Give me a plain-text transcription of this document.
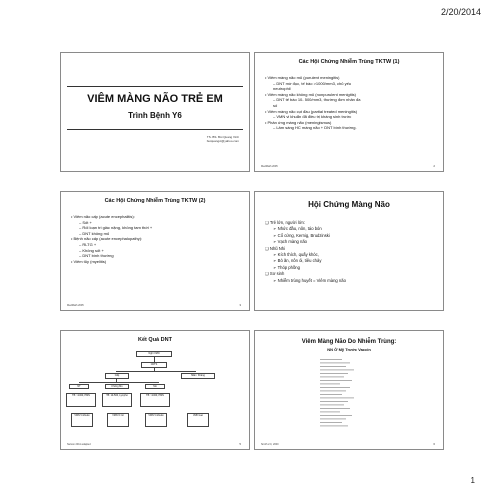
2/20/2014
VIÊM MÀNG NÃO TRẺ EM
Trình Bệnh Y6
TS. BS. Bùi Quang Vinh
buiquangvi@yahoo.com
Các Hội Chứng Nhiễm Trùng TKTW (1)
• Viêm màng não mủ (purulent meningitis)
– DNT mờ đục, tế bào >1000/mm3, chủ yếu
neutrophil
• Viêm màng não không mủ (nonpurulent menigitis)
– DNT tế bào 10- 500/mm3, thường đơn nhân đa
số
• Viêm màng não cụt đầu (partial treated meningitis)
– VMN vi khuẩn đã điều trị kháng sinh trước
• Phản ứng màng não (meningismus)
– Lâm sàng HC màng não + DNT bình thường.
MedMath 2005	2
Các Hội Chứng Nhiễm Trùng TKTW (2)
• Viêm não cấp (acute encephalitis):
– Sốt +
– Rối loạn tri giác nặng, không tam thời +
– DNT không mủ
• Bệnh não cấp (acute encephalopathy):
– RLTG +
– Không sốt +
– DNT bình thường
• Viêm tủy (myelitis)
MedMath 2005	3
Hội Chứng Màng Não
❑ Trẻ lớn, người lớn:
➢ Nhức đầu, nôn, táo bón
➢ Cổ cứng, Kernig, Brudzinski
➢ Vạch màng não
❑ Nhũ Nhi
➢ Kích thích, quấy khóc,
➢ Bỏ ăn, nôn ói, tiêu chảy
➢ Thóp phồng
❑ Sơ sinh
➢ Nhiễm trùng huyết = Viêm màng não
Kết Quả DNT
Nghi VMN
CDTS
Cấp	Mãn / Kháng
NT	Không Mủ	Mủ
TB: >1000, PMN	TB: 10-500, Lympho	TB: >1000, PMN
VMN Vi khuẩn	VMN Vi rút	VMN Vi khuẩn	VMN Lao
Nelson 2011 adapted	5
Viêm Màng Não Do Nhiễm Trùng:
NN Ở Mỹ Trước Vaccin
Smith 2.0, 2000	6
1
